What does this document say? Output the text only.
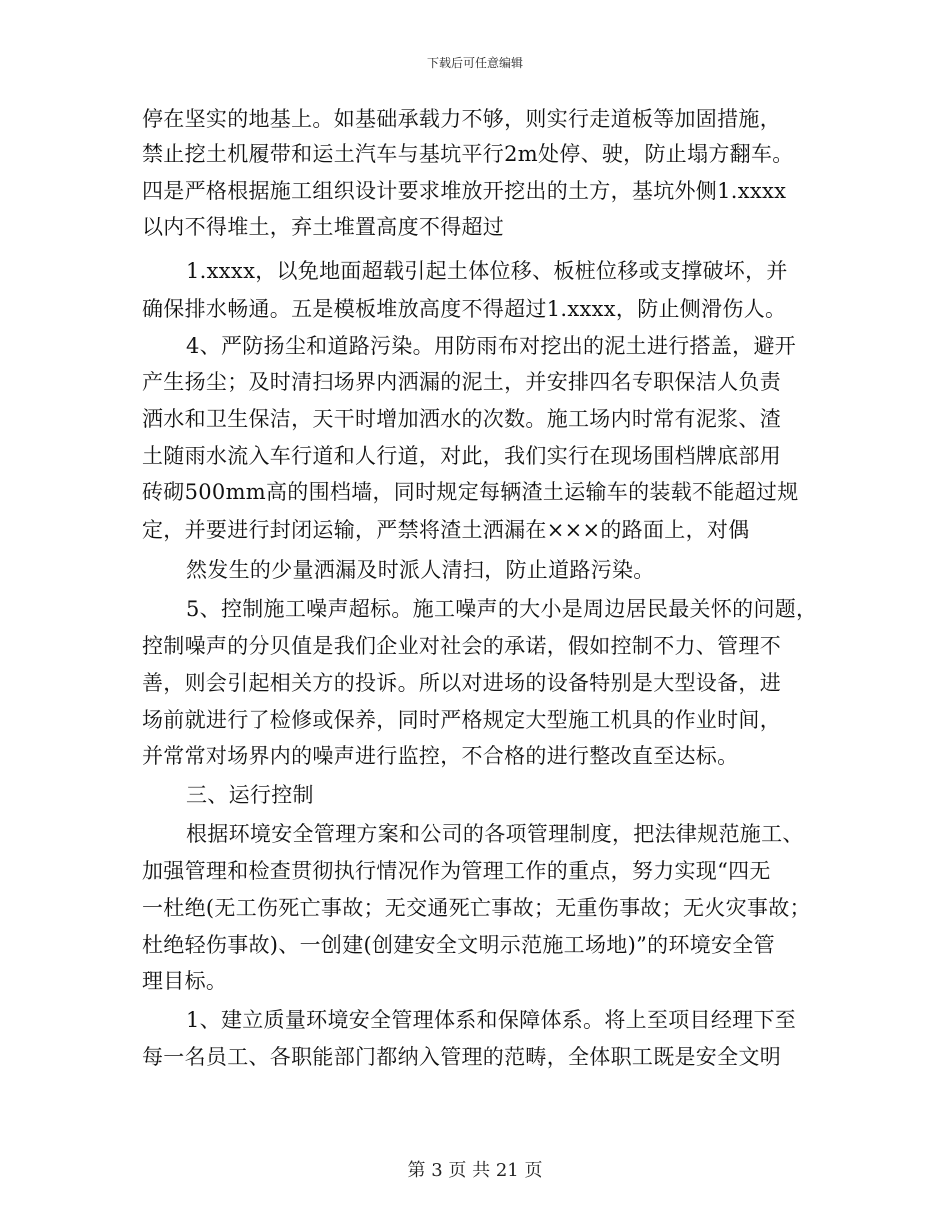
下载后可任意编辑
停在坚实的地基上。如基础承载力不够，则实行走道板等加固措施，
禁止挖土机履带和运土汽车与基坑平行2m处停、驶，防止塌方翻车。
四是严格根据施工组织设计要求堆放开挖出的土方，基坑外侧1.xxxx
以内不得堆土，弃土堆置高度不得超过
1.xxxx，以免地面超载引起土体位移、板桩位移或支撑破坏，并
确保排水畅通。五是模板堆放高度不得超过1.xxxx，防止侧滑伤人。
4、严防扬尘和道路污染。用防雨布对挖出的泥土进行搭盖，避开
产生扬尘；及时清扫场界内洒漏的泥土，并安排四名专职保洁人负责
洒水和卫生保洁，天干时增加洒水的次数。施工场内时常有泥浆、渣
土随雨水流入车行道和人行道，对此，我们实行在现场围档牌底部用
砖砌500mm高的围档墙，同时规定每辆渣土运输车的装载不能超过规
定，并要进行封闭运输，严禁将渣土洒漏在×××的路面上，对偶
然发生的少量洒漏及时派人清扫，防止道路污染。
5、控制施工噪声超标。施工噪声的大小是周边居民最关怀的问题，
控制噪声的分贝值是我们企业对社会的承诺，假如控制不力、管理不
善，则会引起相关方的投诉。所以对进场的设备特别是大型设备，进
场前就进行了检修或保养，同时严格规定大型施工机具的作业时间，
并常常对场界内的噪声进行监控，不合格的进行整改直至达标。
三、运行控制
根据环境安全管理方案和公司的各项管理制度，把法律规范施工、
加强管理和检查贯彻执行情况作为管理工作的重点，努力实现“四无
一杜绝(无工伤死亡事故；无交通死亡事故；无重伤事故；无火灾事故；
杜绝轻伤事故)、一创建(创建安全文明示范施工场地)”的环境安全管
理目标。
1、建立质量环境安全管理体系和保障体系。将上至项目经理下至
每一名员工、各职能部门都纳入管理的范畴，全体职工既是安全文明
第 3 页 共 21 页
